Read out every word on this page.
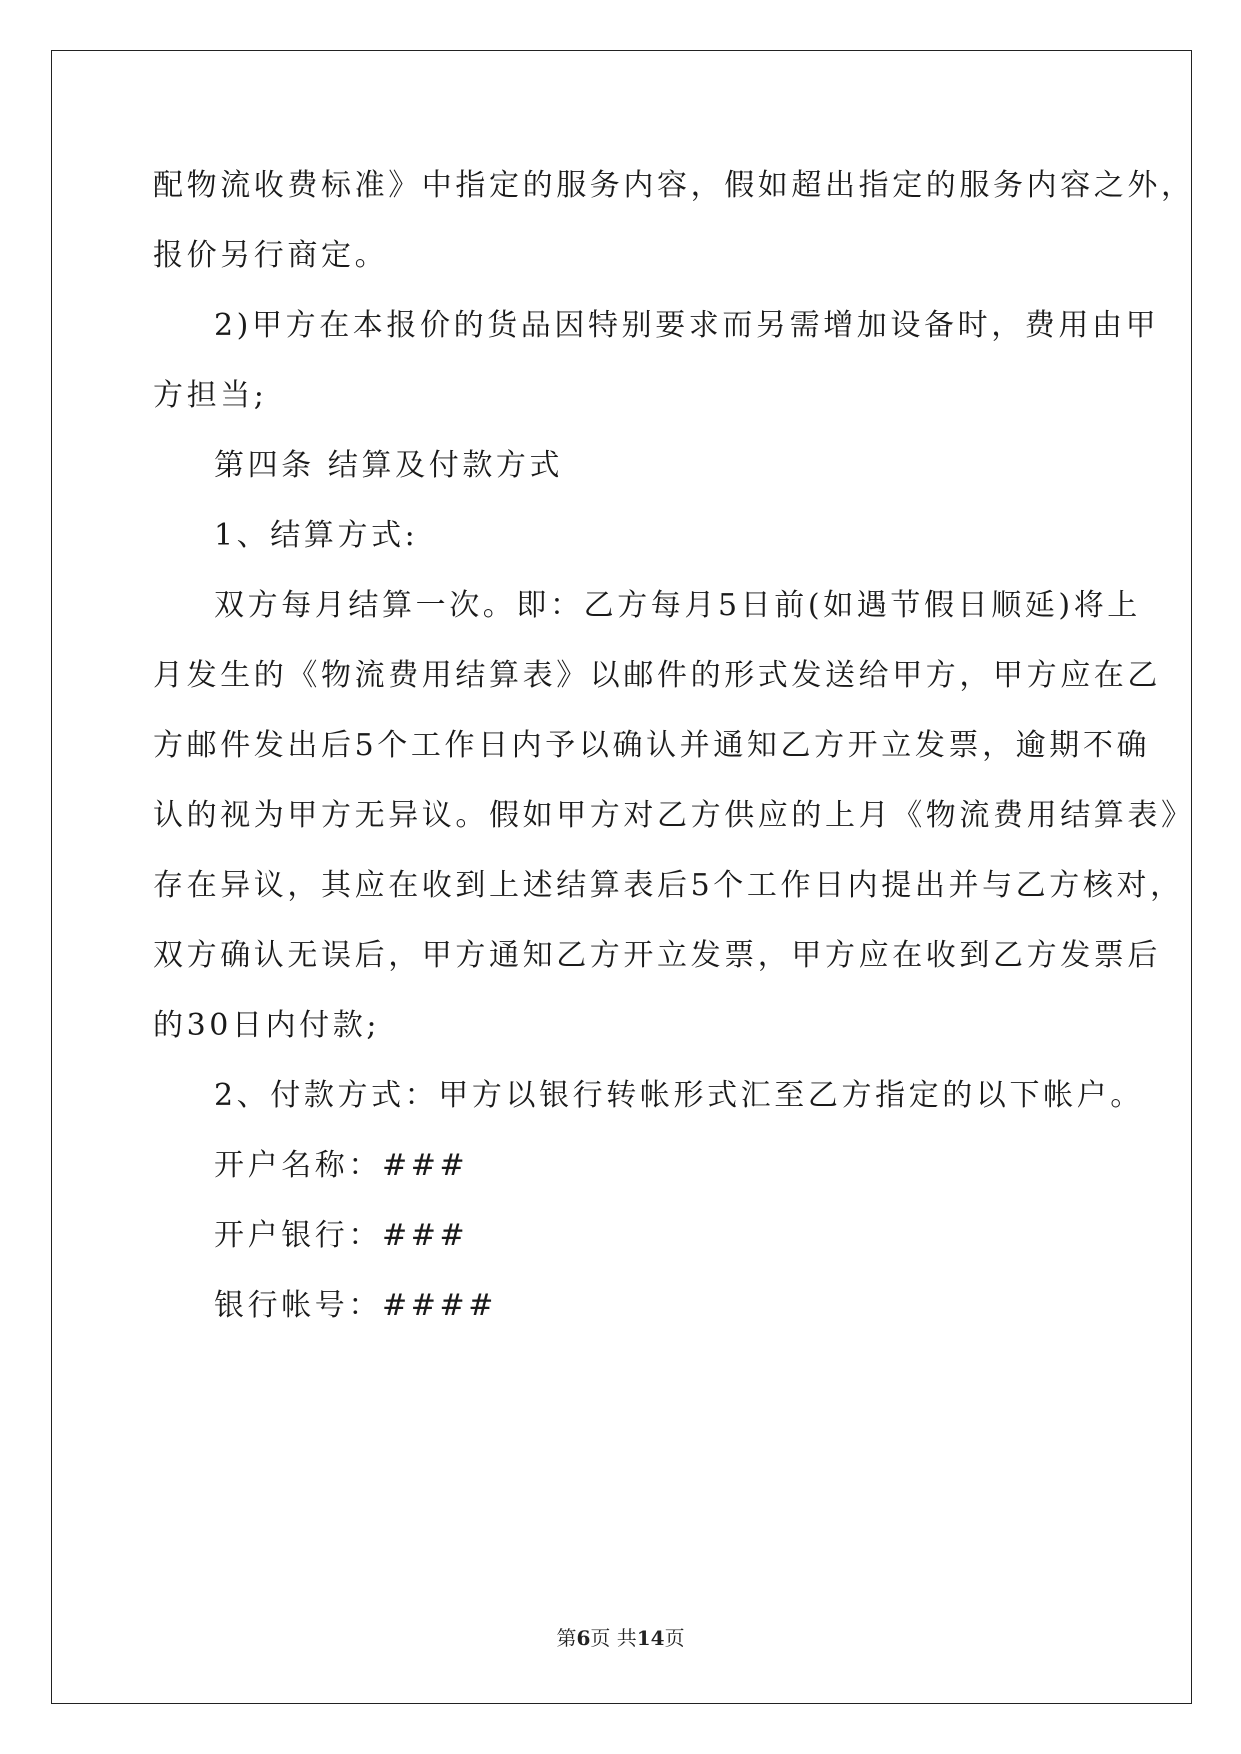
配物流收费标准》中指定的服务内容，假如超出指定的服务内容之外，
报价另行商定。
2)甲方在本报价的货品因特别要求而另需增加设备时，费用由甲
方担当;
第四条 结算及付款方式
1、结算方式:
双方每月结算一次。即：乙方每月5日前(如遇节假日顺延)将上
月发生的《物流费用结算表》以邮件的形式发送给甲方，甲方应在乙
方邮件发出后5个工作日内予以确认并通知乙方开立发票，逾期不确
认的视为甲方无异议。假如甲方对乙方供应的上月《物流费用结算表》
存在异议，其应在收到上述结算表后5个工作日内提出并与乙方核对，
双方确认无误后，甲方通知乙方开立发票，甲方应在收到乙方发票后
的30日内付款;
2、付款方式：甲方以银行转帐形式汇至乙方指定的以下帐户。
开户名称：###
开户银行：###
银行帐号：####
第6页 共14页
